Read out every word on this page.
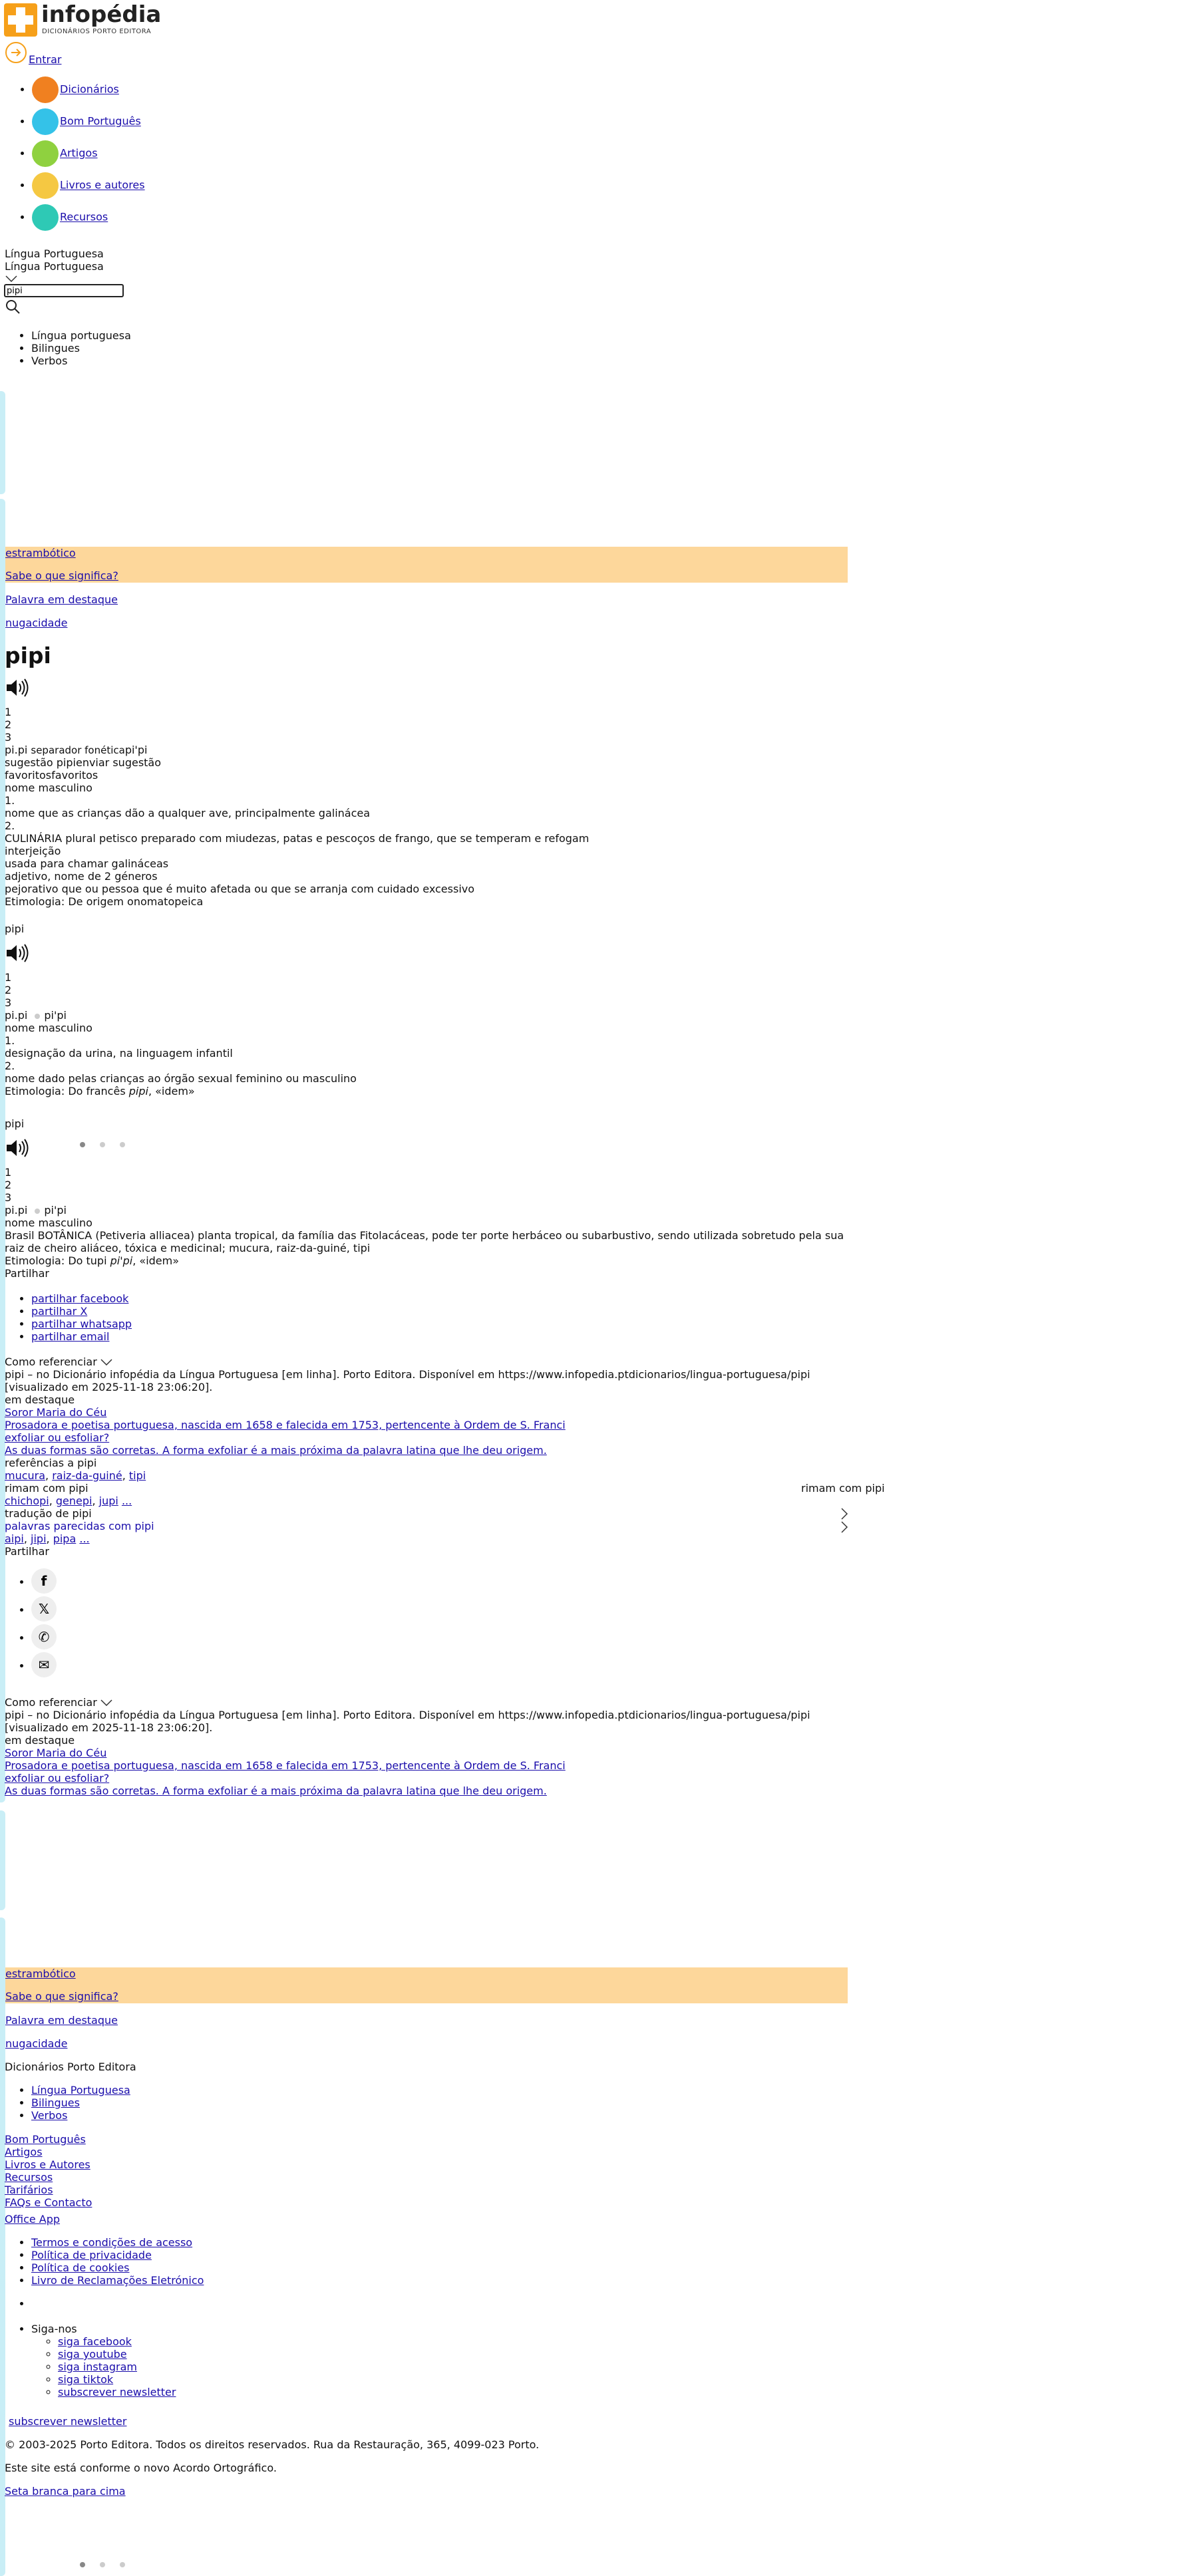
infopédia
DICIONÁRIOS PORTO EDITORA
Entrar
• Dicionários
• Bom Português
• Artigos
• Livros e autores
• Recursos
Língua Portuguesa
Língua Portuguesa
pipi
• Língua portuguesa
• Bilingues
• Verbos
estrambótico
Sabe o que significa?
Palavra em destaque
nugacidade
pipi
1
2
3
pi.pi separador fonéticapi'pi
sugestão pipienviar sugestão
favoritosfavoritos
nome masculino
1.
nome que as crianças dão a qualquer ave, principalmente galinácea
2.
CULINÁRIA plural petisco preparado com miudezas, patas e pescoços de frango, que se temperam e refogam
interjeição
usada para chamar galináceas
adjetivo, nome de 2 géneros
pejorativo que ou pessoa que é muito afetada ou que se arranja com cuidado excessivo
Etimologia: De origem onomatopeica
pipi
1
2
3
pi.pi pi'pi
nome masculino
1.
designação da urina, na linguagem infantil
2.
nome dado pelas crianças ao órgão sexual feminino ou masculino
Etimologia: Do francês pipi, «idem»
pipi
1
2
3
pi.pi pi'pi
nome masculino
Brasil BOTÂNICA (Petiveria alliacea) planta tropical, da família das Fitolacáceas, pode ter porte herbáceo ou subarbustivo, sendo utilizada sobretudo pela sua raiz de cheiro aliáceo, tóxica e medicinal; mucura, raiz-da-guiné, tipi
Etimologia: Do tupi pi'pi, «idem»
Partilhar
• partilhar facebook
• partilhar X
• partilhar whatsapp
• partilhar email
Como referenciar
pipi – no Dicionário infopédia da Língua Portuguesa [em linha]. Porto Editora. Disponível em https://www.infopedia.ptdicionarios/lingua-portuguesa/pipi [visualizado em 2025-11-18 23:06:20].
em destaque
Soror Maria do Céu
Prosadora e poetisa portuguesa, nascida em 1658 e falecida em 1753, pertencente à Ordem de S. Franci
exfoliar ou esfoliar?
As duas formas são corretas. A forma exfoliar é a mais próxima da palavra latina que lhe deu origem.
referências a pipi
mucura, raiz-da-guiné, tipi
rimam com pipi
chichopi, genepi, jupi ...
rimam com pipi
tradução de pipi
palavras parecidas com pipi
aipi, jipi, pipa ...
Partilhar
• f
• 𝕏
• ✆
• ✉
Como referenciar
pipi – no Dicionário infopédia da Língua Portuguesa [em linha]. Porto Editora. Disponível em https://www.infopedia.ptdicionarios/lingua-portuguesa/pipi [visualizado em 2025-11-18 23:06:20].
em destaque
Soror Maria do Céu
Prosadora e poetisa portuguesa, nascida em 1658 e falecida em 1753, pertencente à Ordem de S. Franci
exfoliar ou esfoliar?
As duas formas são corretas. A forma exfoliar é a mais próxima da palavra latina que lhe deu origem.
estrambótico
Sabe o que significa?
Palavra em destaque
nugacidade
Dicionários Porto Editora
• Língua Portuguesa
• Bilingues
• Verbos
Bom Português
Artigos
Livros e Autores
Recursos
Tarifários
FAQs e Contacto
Office App
• Termos e condições de acesso
• Política de privacidade
• Política de cookies
• Livro de Reclamações Eletrónico
•
• Siga-nos
◦ siga facebook
◦ siga youtube
◦ siga instagram
◦ siga tiktok
◦ subscrever newsletter
subscrever newsletter
© 2003-2025 Porto Editora. Todos os direitos reservados. Rua da Restauração, 365, 4099-023 Porto.
Este site está conforme o novo Acordo Ortográfico.
Seta branca para cima
